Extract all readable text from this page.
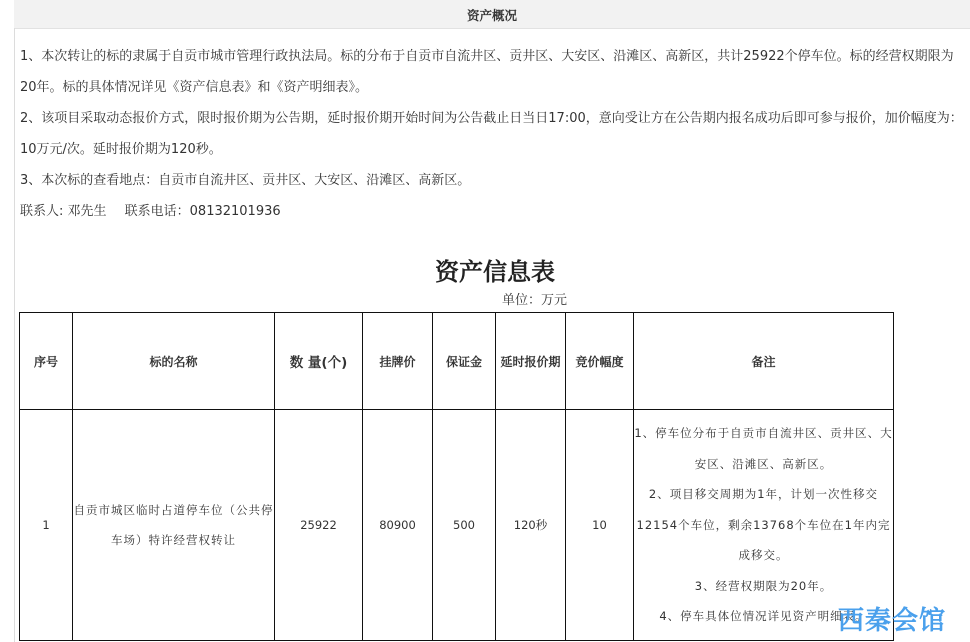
资产概况

1、本次转让的标的隶属于自贡市城市管理行政执法局。标的分布于自贡市自流井区、贡井区、大安区、沿滩区、高新区，共计25922个停车位。标的经营权期限为20年。标的具体情况详见《资产信息表》和《资产明细表》。

2、该项目采取动态报价方式，限时报价期为公告期，延时报价期开始时间为公告截止日当日17:00，意向受让方在公告期内报名成功后即可参与报价，加价幅度为：10万元/次。延时报价期为120秒。

3、本次标的查看地点：自贡市自流井区、贡井区、大安区、沿滩区、高新区。

联系人: 邓先生 联系电话：08132101936

资产信息表
单位：万元
序号	标的名称	数 量(个)	挂牌价	保证金	延时报价期	竞价幅度	备注
1	自贡市城区临时占道停车位（公共停车场）特许经营权转让	25922	80900	500	120秒	10	1、停车位分布于自贡市自流井区、贡井区、大安区、沿滩区、高新区。
2、项目移交周期为1年，计划一次性移交12154个车位，剩余13768个车位在1年内完成移交。
3、经营权期限为20年。
4、停车具体位情况详见资产明细表。
西秦会馆
